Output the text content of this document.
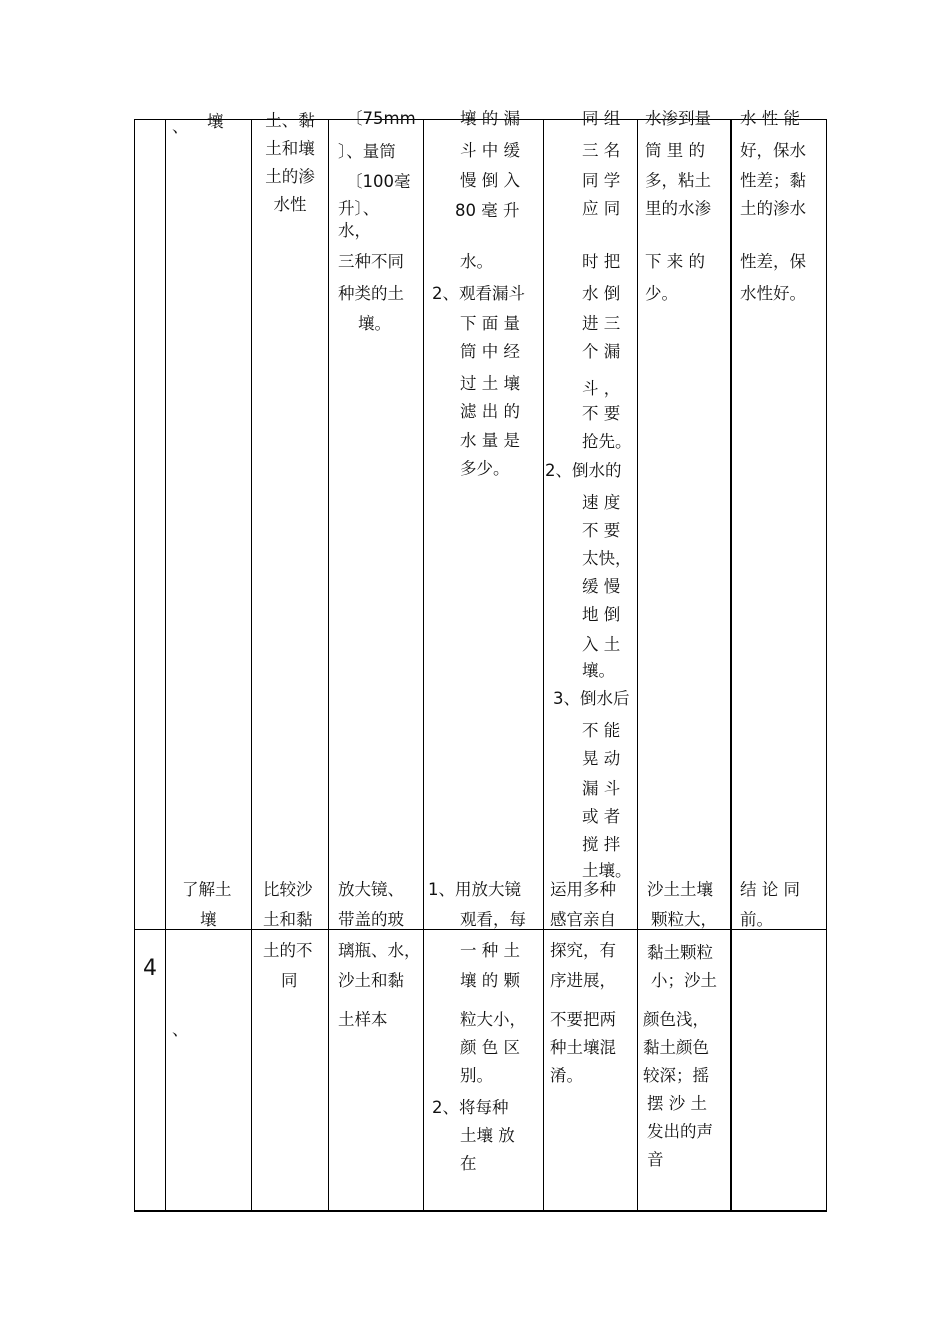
、 壤	土、黏
土和壤
土的渗
水性
〔75mm
〕、量筒
〔100毫
升〕、
水，
三种不同
种类的土
壤。
壤 的 漏
斗 中 缓
慢 倒 入
80 毫 升
水。
2、观看漏斗
下 面 量
筒 中 经
过 土 壤
滤 出 的
水 量 是
多少。
同 组
三 名
同 学
应 同
时 把
水 倒
进 三
个 漏
斗 ，
不 要
抢先。
2、倒水的
速 度
不 要
太快，
缓 慢
地 倒
入 土
壤。
3、倒水后
不 能
晃 动
漏 斗
或 者
搅 拌
土壤。
水渗到量
筒 里 的
多，粘土
里的水渗
下 来 的
少。
水 性 能
好，保水
性差；黏
土的渗水
性差，保
水性好。
4
了解土
壤
、
比较沙
土和黏
土的不
同
放大镜、
带盖的玻
璃瓶、水，
沙土和黏
土样本
1、用放大镜
观看，每
一 种 土
壤 的 颗
粒大小，
颜 色 区
别。
2、将每种
土壤 放
在
运用多种
感官亲自
探究，有
序进展，
不要把两
种土壤混
淆。
沙土土壤
颗粒大，
黏土颗粒
小；沙土
颜色浅，
黏土颜色
较深；摇
摆 沙 土
发出的声
音
结 论 同
前。
